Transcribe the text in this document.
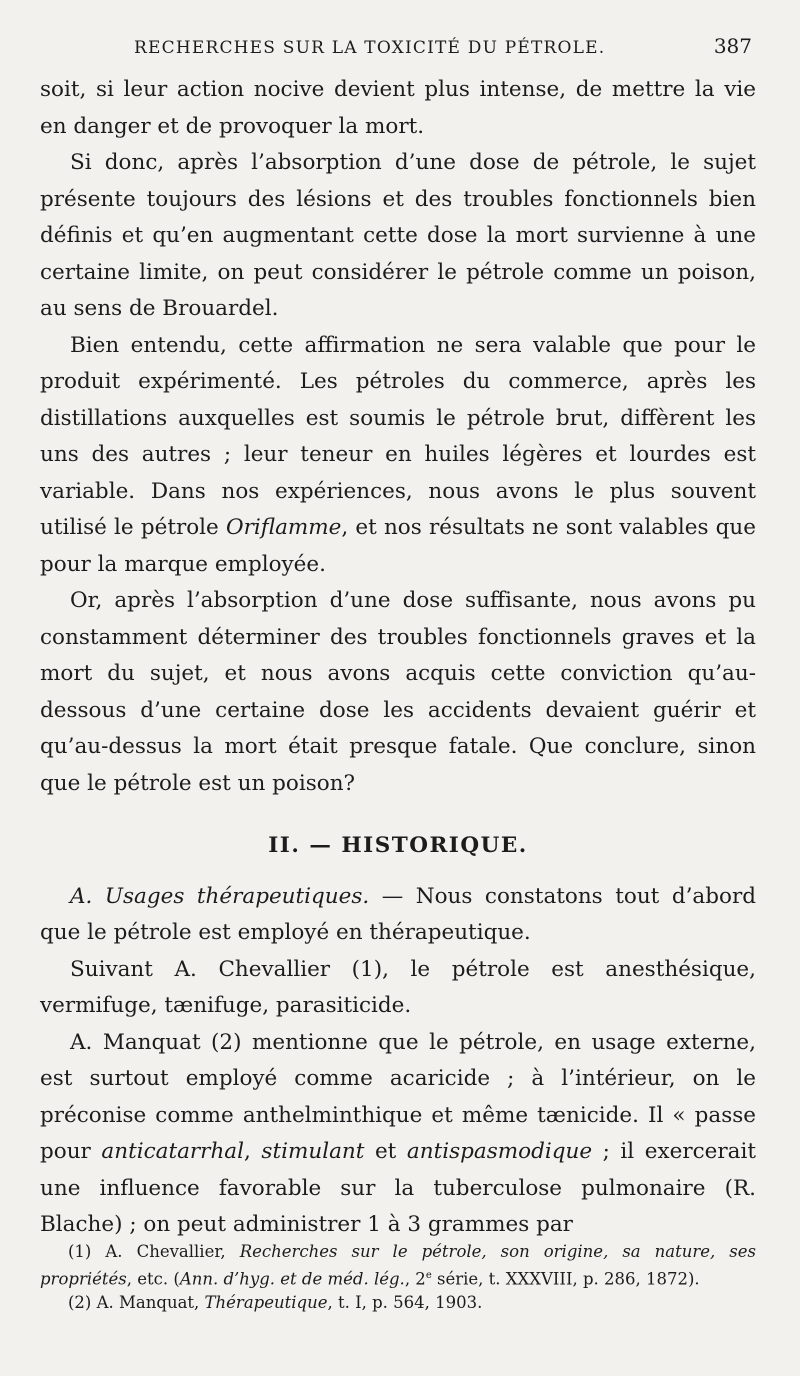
RECHERCHES SUR LA TOXICITÉ DU PÉTROLE.	387

soit, si leur action nocive devient plus intense, de mettre la vie en danger et de provoquer la mort.

Si donc, après l’absorption d’une dose de pétrole, le sujet présente toujours des lésions et des troubles fonctionnels bien définis et qu’en augmentant cette dose la mort survienne à une certaine limite, on peut considérer le pétrole comme un poison, au sens de Brouardel.

Bien entendu, cette affirmation ne sera valable que pour le produit expérimenté. Les pétroles du commerce, après les distillations auxquelles est soumis le pétrole brut, diffèrent les uns des autres ; leur teneur en huiles légères et lourdes est variable. Dans nos expériences, nous avons le plus souvent utilisé le pétrole Oriflamme, et nos résultats ne sont valables que pour la marque employée.

Or, après l’absorption d’une dose suffisante, nous avons pu constamment déterminer des troubles fonctionnels graves et la mort du sujet, et nous avons acquis cette conviction qu’au-dessous d’une certaine dose les accidents devaient guérir et qu’au-dessus la mort était presque fatale. Que conclure, sinon que le pétrole est un poison?

II. — HISTORIQUE.

A. Usages thérapeutiques. — Nous constatons tout d’abord que le pétrole est employé en thérapeutique.

Suivant A. Chevallier (1), le pétrole est anesthésique, vermifuge, tænifuge, parasiticide.

A. Manquat (2) mentionne que le pétrole, en usage externe, est surtout employé comme acaricide ; à l’intérieur, on le préconise comme anthelminthique et même tænicide. Il « passe pour anticatarrhal, stimulant et antispasmodique ; il exercerait une influence favorable sur la tuberculose pulmonaire (R. Blache) ; on peut administrer 1 à 3 grammes par

(1) A. Chevallier, Recherches sur le pétrole, son origine, sa nature, ses propriétés, etc. (Ann. d’hyg. et de méd. lég., 2e série, t. XXXVIII, p. 286, 1872).

(2) A. Manquat, Thérapeutique, t. I, p. 564, 1903.
